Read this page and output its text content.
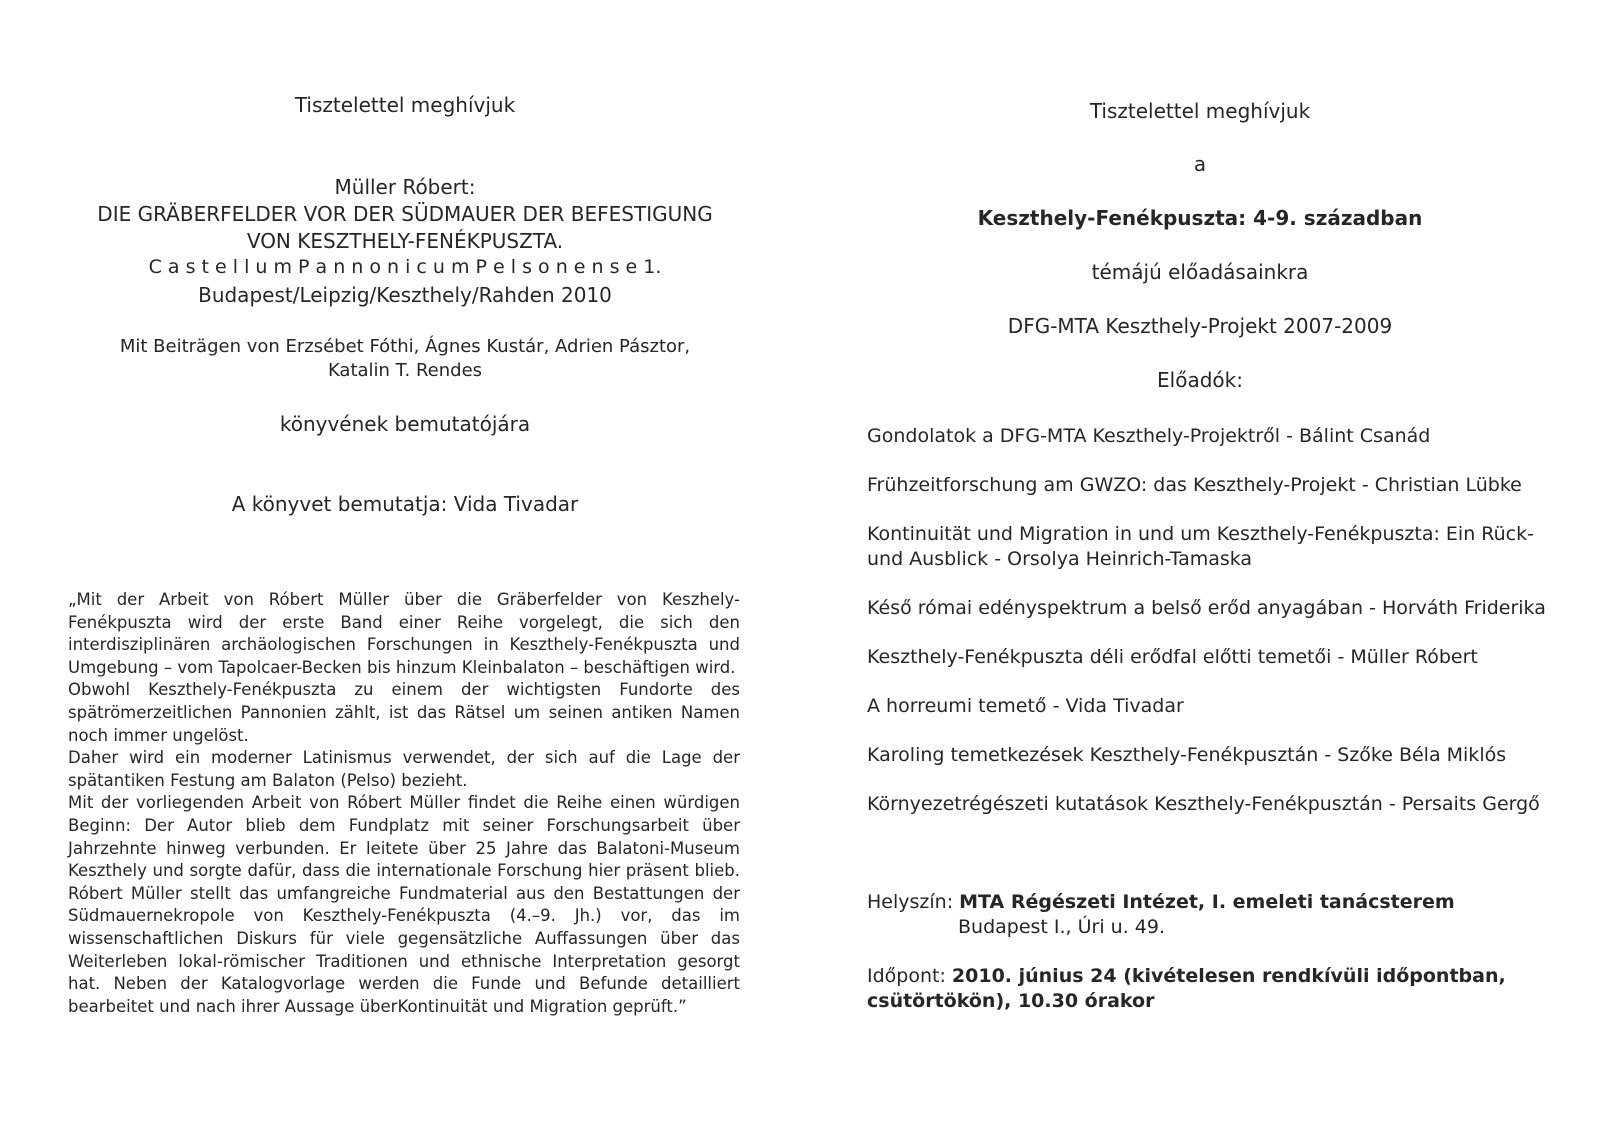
Tisztelettel meghívjuk
Müller Róbert:
DIE GRÄBERFELDER VOR DER SÜDMAUER DER BEFESTIGUNG
VON KESZTHELY-FENÉKPUSZTA.
C a s t e l l u m P a n n o n i c u m P e l s o n e n s e 1.
Budapest/Leipzig/Keszthely/Rahden 2010
Mit Beiträgen von Erzsébet Fóthi, Ágnes Kustár, Adrien Pásztor,
Katalin T. Rendes
könyvének bemutatójára
A könyvet bemutatja: Vida Tivadar

„Mit der Arbeit von Róbert Müller über die Gräberfelder von Keszhely-Fenékpuszta wird der erste Band einer Reihe vorgelegt, die sich den interdisziplinären archäologischen Forschungen in Keszthely-Fenékpuszta und Umgebung – vom Tapolcaer-Becken bis hinzum Kleinbalaton – beschäftigen wird.

Obwohl Keszthely-Fenékpuszta zu einem der wichtigsten Fundorte des spätrömerzeitlichen Pannonien zählt, ist das Rätsel um seinen antiken Namen noch immer ungelöst.

Daher wird ein moderner Latinismus verwendet, der sich auf die Lage der spätantiken Festung am Balaton (Pelso) bezieht.

Mit der vorliegenden Arbeit von Róbert Müller findet die Reihe einen würdigen Beginn: Der Autor blieb dem Fundplatz mit seiner Forschungsarbeit über Jahrzehnte hinweg verbunden. Er leitete über 25 Jahre das Balatoni-Museum Keszthely und sorgte dafür, dass die internationale Forschung hier präsent blieb. Róbert Müller stellt das umfangreiche Fundmaterial aus den Bestattungen der Südmauernekropole von Keszthely-Fenékpuszta (4.–9. Jh.) vor, das im wissenschaftlichen Diskurs für viele gegensätzliche Auffassungen über das Weiterleben lokal-römischer Traditionen und ethnische Interpretation gesorgt hat. Neben der Katalogvorlage werden die Funde und Befunde detailliert bearbeitet und nach ihrer Aussage überKontinuität und Migration geprüft.”

Tisztelettel meghívjuk
a
Keszthely-Fenékpuszta: 4-9. században
témájú előadásainkra
DFG-MTA Keszthely-Projekt 2007-2009
Előadók:
Gondolatok a DFG-MTA Keszthely-Projektről - Bálint Csanád
Frühzeitforschung am GWZO: das Keszthely-Projekt - Christian Lübke
Kontinuität und Migration in und um Keszthely-Fenékpuszta: Ein Rück-
und Ausblick - Orsolya Heinrich-Tamaska
Késő római edényspektrum a belső erőd anyagában - Horváth Friderika
Keszthely-Fenékpuszta déli erődfal előtti temetői - Müller Róbert
A horreumi temető - Vida Tivadar
Karoling temetkezések Keszthely-Fenékpusztán - Szőke Béla Miklós
Környezetrégészeti kutatások Keszthely-Fenékpusztán - Persaits Gergő
Helyszín: MTA Régészeti Intézet, I. emeleti tanácsterem
Budapest I., Úri u. 49.
Időpont: 2010. június 24 (kivételesen rendkívüli időpontban,
csütörtökön), 10.30 órakor
